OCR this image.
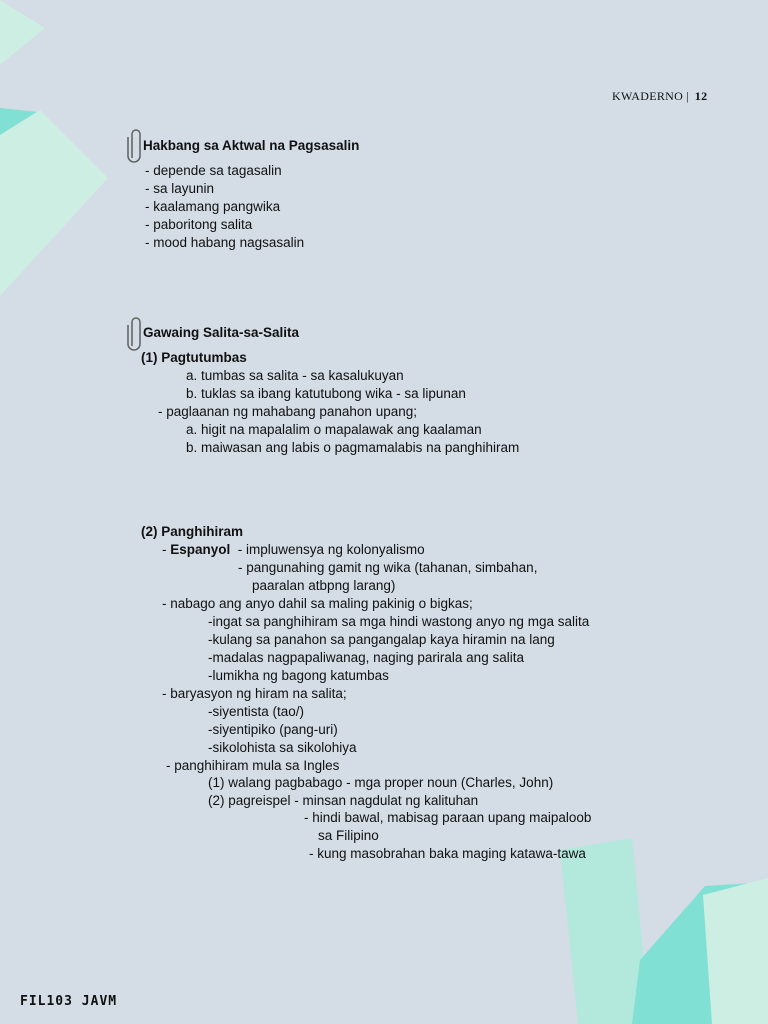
KWADERNO | 12
Hakbang sa Aktwal na Pagsasalin
- depende sa tagasalin
- sa layunin
- kaalamang pangwika
- paboritong salita
- mood habang nagsasalin
Gawaing Salita-sa-Salita
(1) Pagtutumbas
a. tumbas sa salita - sa kasalukuyan
b. tuklas sa ibang katutubong wika - sa lipunan
- paglaanan ng mahabang panahon upang;
a. higit na mapalalim o mapalawak ang kaalaman
b. maiwasan ang labis o pagmamalabis na panghihiram
(2) Panghihiram
- Espanyol  - impluwensya ng kolonyalismo
- pangunahing gamit ng wika (tahanan, simbahan,
paaralan atbpng larang)
- nabago ang anyo dahil sa maling pakinig o bigkas;
-ingat sa panghihiram sa mga hindi wastong anyo ng mga salita
-kulang sa panahon sa pangangalap kaya hiramin na lang
-madalas nagpapaliwanag, naging parirala ang salita
-lumikha ng bagong katumbas
- baryasyon ng hiram na salita;
-siyentista (tao/)
-siyentipiko (pang-uri)
-sikolohista sa sikolohiya
- panghihiram mula sa Ingles
(1) walang pagbabago - mga proper noun (Charles, John)
(2) pagreispel - minsan nagdulat ng kalituhan
- hindi bawal, mabisag paraan upang maipaloob
sa Filipino
- kung masobrahan baka maging katawa-tawa
FIL103 JAVM
